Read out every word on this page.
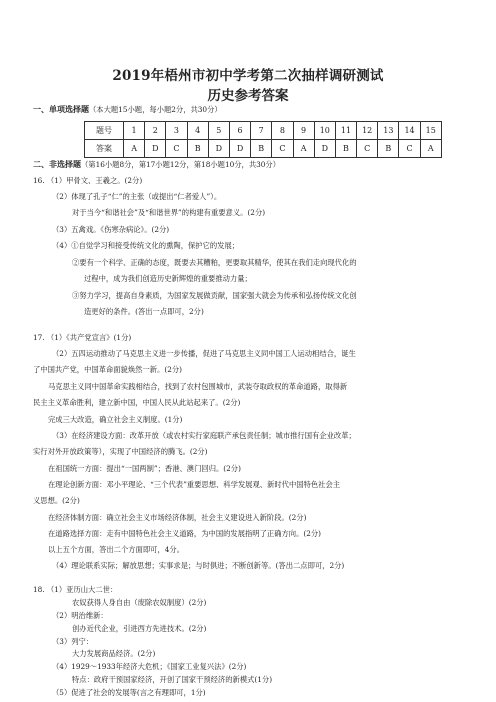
2019年梧州市初中学考第二次抽样调研测试
历史参考答案
一、单项选择题（本大题15小题，每小题2分，共30分）
题号	1	2	3	4	5	6	7	8	9	10	11	12	13	14	15
答案	A	D	C	B	D	D	B	C	A	D	B	C	B	C	A
二、非选择题（第16小题8分，第17小题12分，第18小题10分，共30分）
16. （1）甲骨文、王羲之。(2分)
（2）体现了孔子“仁”的主张（或提出“仁者爱人”）。
对于当今“和谐社会”及“和谐世界”的构建有重要意义。(2分)
（3）五禽戏。《伤寒杂病论》。(2分)
（4）①自觉学习和接受传统文化的熏陶，保护它的发展；
②要有一个科学、正确的态度，既要去其糟粕，更要取其精华，使其在我们走向现代化的
过程中，成为我们创造历史新辉煌的重要推动力量；
③努力学习，提高自身素质，为国家发展做贡献，国家强大就会为传承和弘扬传统文化创
造更好的条件。(答出一点即可，2分)
17. （1）《共产党宣言》(1分)
（2）五四运动推动了马克思主义进一步传播，促进了马克思主义同中国工人运动相结合，诞生
了中国共产党，中国革命面貌焕然一新。(2分)
马克思主义同中国革命实践相结合，找到了农村包围城市，武装夺取政权的革命道路，取得新
民主主义革命胜利，建立新中国，中国人民从此站起来了。(2分)
完成三大改造，确立社会主义制度。(1分)
（3）在经济建设方面：改革开放（或农村实行家庭联产承包责任制；城市推行国有企业改革；
实行对外开放政策等），实现了中国经济的腾飞。(2分)
在祖国统一方面：提出“一国两制”；香港、澳门回归。(2分)
在理论创新方面：邓小平理论、“三个代表”重要思想、科学发展观、新时代中国特色社会主
义思想。(2分)
在经济体制方面：确立社会主义市场经济体制，社会主义建设进入新阶段。(2分)
在道路选择方面：走有中国特色社会主义道路，为中国的发展指明了正确方向。(2分)
以上五个方面，答出二个方面即可，4分。
（4）理论联系实际；解放思想；实事求是；与时俱进；不断创新等。(答出二点即可，2分)
18. （1）亚历山大二世：
农奴获得人身自由（废除农奴制度）(2分)
（2）明治维新：
创办近代企业，引进西方先进技术。(2分)
（3）列宁：
大力发展商品经济。(2分)
（4）1929～1933年经济大危机；《国家工业复兴法》(2分)
特点：政府干预国家经济，开创了国家干预经济的新模式(1分)
（5）促进了社会的发展等(言之有理即可，1分)
